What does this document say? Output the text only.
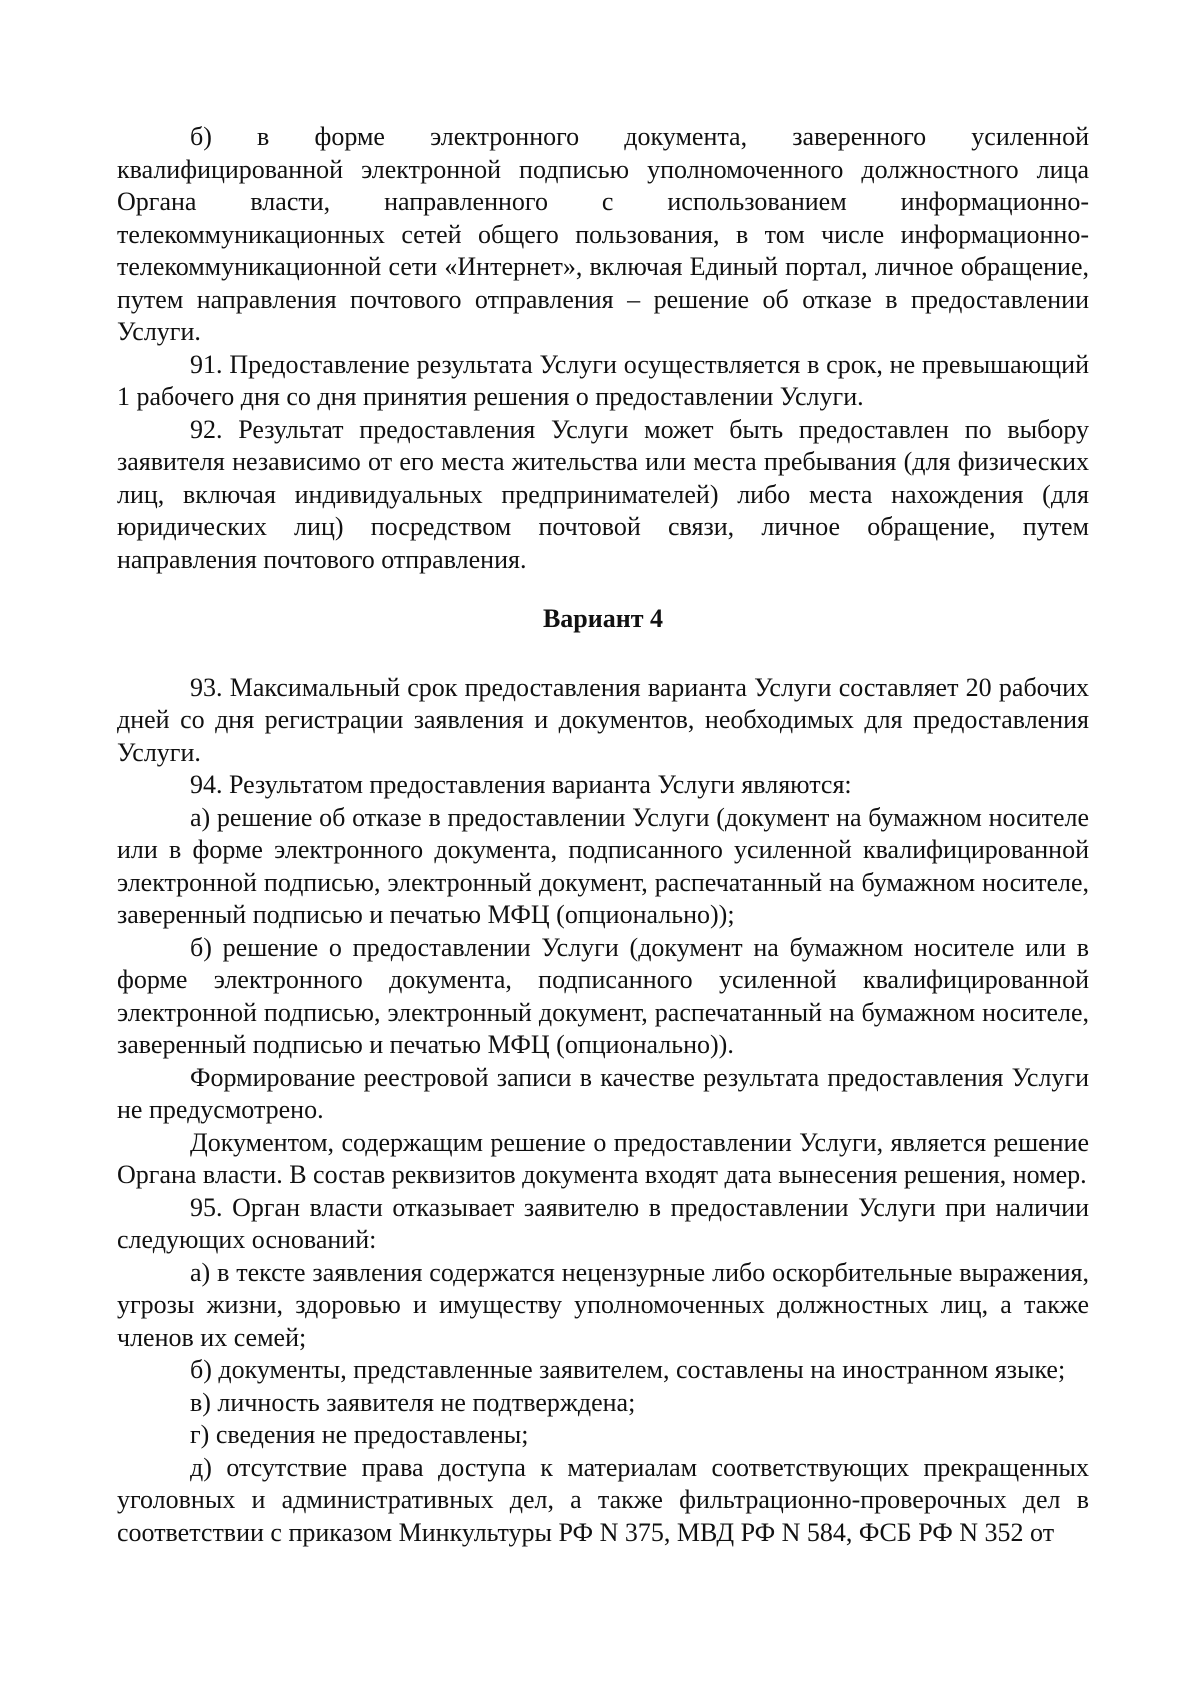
б) в форме электронного документа, заверенного усиленной квалифицированной электронной подписью уполномоченного должностного лица Органа власти, направленного с использованием информационно-телекоммуникационных сетей общего пользования, в том числе информационно-телекоммуникационной сети «Интернет», включая Единый портал, личное обращение, путем направления почтового отправления – решение об отказе в предоставлении Услуги.

91. Предоставление результата Услуги осуществляется в срок, не превышающий 1 рабочего дня со дня принятия решения о предоставлении Услуги.

92. Результат предоставления Услуги может быть предоставлен по выбору заявителя независимо от его места жительства или места пребывания (для физических лиц, включая индивидуальных предпринимателей) либо места нахождения (для юридических лиц) посредством почтовой связи, личное обращение, путем направления почтового отправления.

Вариант 4

93. Максимальный срок предоставления варианта Услуги составляет 20 рабочих дней со дня регистрации заявления и документов, необходимых для предоставления Услуги.

94. Результатом предоставления варианта Услуги являются:

а) решение об отказе в предоставлении Услуги (документ на бумажном носителе или в форме электронного документа, подписанного усиленной квалифицированной электронной подписью, электронный документ, распечатанный на бумажном носителе, заверенный подписью и печатью МФЦ (опционально));

б) решение о предоставлении Услуги (документ на бумажном носителе или в форме электронного документа, подписанного усиленной квалифицированной электронной подписью, электронный документ, распечатанный на бумажном носителе, заверенный подписью и печатью МФЦ (опционально)).

Формирование реестровой записи в качестве результата предоставления Услуги не предусмотрено.

Документом, содержащим решение о предоставлении Услуги, является решение Органа власти. В состав реквизитов документа входят дата вынесения решения, номер.

95. Орган власти отказывает заявителю в предоставлении Услуги при наличии следующих оснований:

а) в тексте заявления содержатся нецензурные либо оскорбительные выражения, угрозы жизни, здоровью и имуществу уполномоченных должностных лиц, а также членов их семей;

б) документы, представленные заявителем, составлены на иностранном языке;

в) личность заявителя не подтверждена;

г) сведения не предоставлены;

д) отсутствие права доступа к материалам соответствующих прекращенных уголовных и административных дел, а также фильтрационно-проверочных дел в соответствии с приказом Минкультуры РФ N 375, МВД РФ N 584, ФСБ РФ N 352 от
